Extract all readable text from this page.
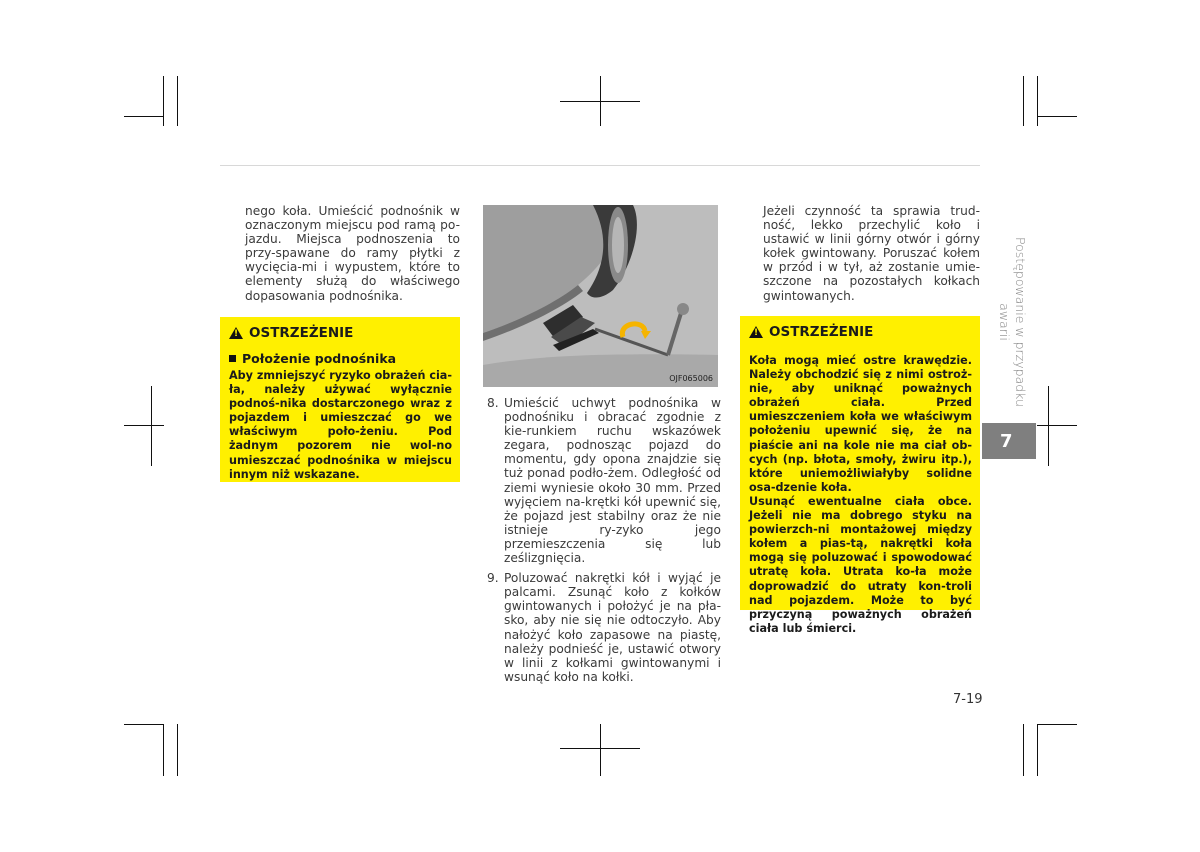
nego koła. Umieścić podnośnik w oznaczonym miejscu pod ramą po-jazdu. Miejsca podnoszenia to przy-spawane do ramy płytki z wycięcia-mi i wypustem, które to elementy służą do właściwego dopasowania podnośnika.

! OSTRZEŻENIE
Położenie podnośnika

Aby zmniejszyć ryzyko obrażeń cia-ła, należy używać wyłącznie podnoś-nika dostarczonego wraz z pojazdem i umieszczać go we właściwym poło-żeniu. Pod żadnym pozorem nie wol-no umieszczać podnośnika w miejscu innym niż wskazane.

OJF065006
8. Umieścić uchwyt podnośnika w podnośniku i obracać zgodnie z kie-runkiem ruchu wskazówek zegara, podnosząc pojazd do momentu, gdy opona znajdzie się tuż ponad podło-żem. Odległość od ziemi wyniesie około 30 mm. Przed wyjęciem na-krętki kół upewnić się, że pojazd jest stabilny oraz że nie istnieje ry-zyko jego przemieszczenia się lub ześlizgnięcia.
9. Poluzować nakrętki kół i wyjąć je palcami. Zsunąć koło z kołków gwintowanych i położyć je na pła-sko, aby nie się nie odtoczyło. Aby nałożyć koło zapasowe na piastę, należy podnieść je, ustawić otwory w linii z kołkami gwintowanymi i wsunąć koło na kołki.

Jeżeli czynność ta sprawia trud-ność, lekko przechylić koło i ustawić w linii górny otwór i górny kołek gwintowany. Poruszać kołem w przód i w tył, aż zostanie umie-szczone na pozostałych kołkach gwintowanych.

! OSTRZEŻENIE

Koła mogą mieć ostre krawędzie. Należy obchodzić się z nimi ostroż-nie, aby uniknąć poważnych obrażeń ciała. Przed umieszczeniem koła we właściwym położeniu upewnić się, że na piaście ani na kole nie ma ciał ob-cych (np. błota, smoły, żwiru itp.), które uniemożliwiałyby solidne osa-dzenie koła.

Usunąć ewentualne ciała obce. Jeżeli nie ma dobrego styku na powierzch-ni montażowej między kołem a pias-tą, nakrętki koła mogą się poluzować i spowodować utratę koła. Utrata ko-ła może doprowadzić do utraty kon-troli nad pojazdem. Może to być przyczyną poważnych obrażeń ciała lub śmierci.

Postępowanie w przypadku awarii
7
7-19
